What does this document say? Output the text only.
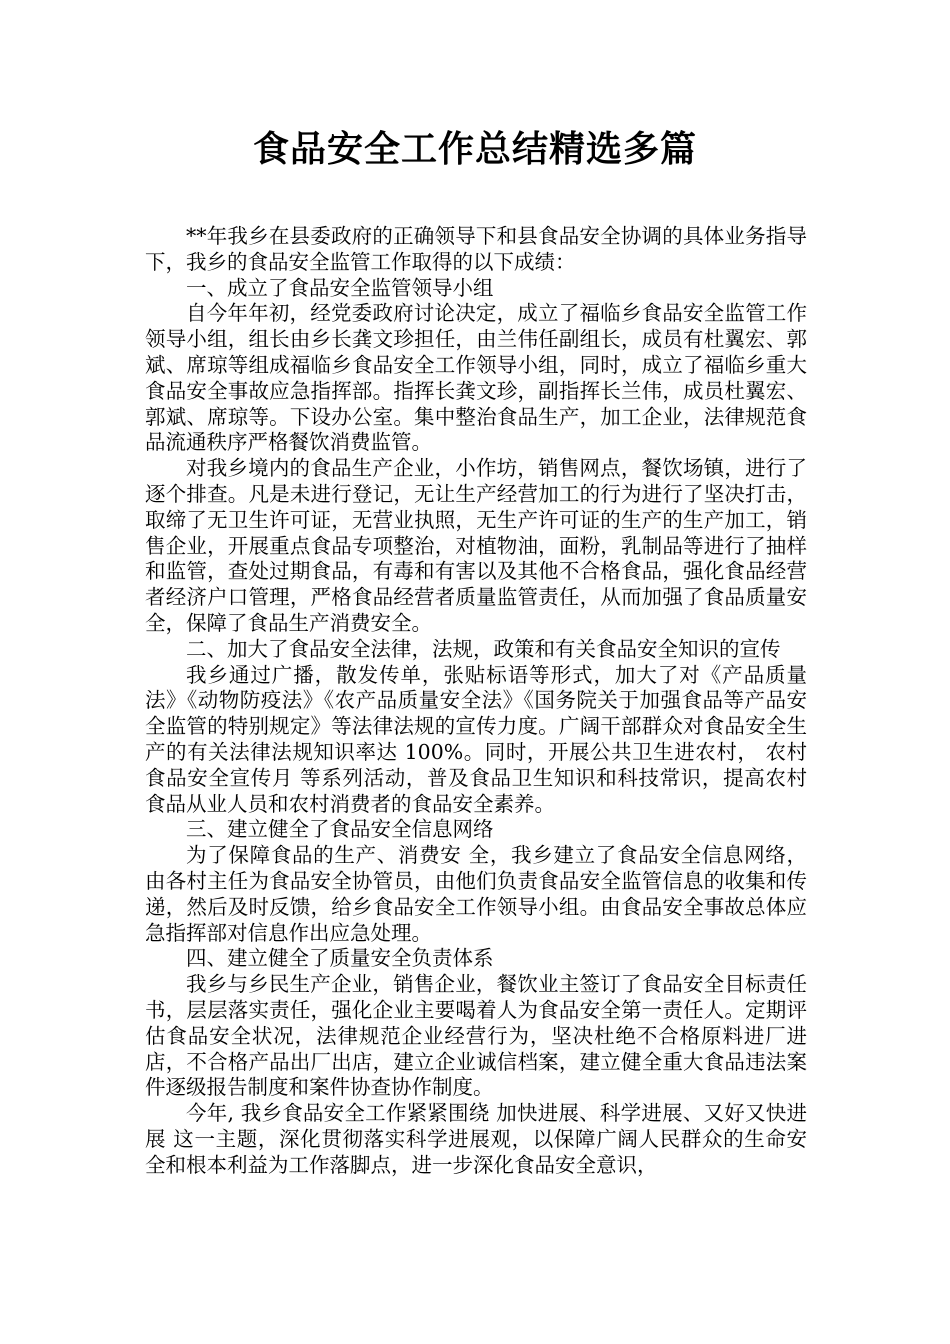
食品安全工作总结精选多篇

**年我乡在县委政府的正确领导下和县食品安全协调的具体业务指导下，我乡的食品安全监管工作取得的以下成绩：

一、成立了食品安全监管领导小组

自今年年初，经党委政府讨论决定，成立了福临乡食品安全监管工作领导小组，组长由乡长龚文珍担任，由兰伟任副组长，成员有杜翼宏、郭斌、席琼等组成福临乡食品安全工作领导小组，同时，成立了福临乡重大食品安全事故应急指挥部。指挥长龚文珍，副指挥长兰伟，成员杜翼宏、郭斌、席琼等。下设办公室。集中整治食品生产，加工企业，法律规范食品流通秩序严格餐饮消费监管。

对我乡境内的食品生产企业，小作坊，销售网点，餐饮场镇，进行了逐个排查。凡是未进行登记，无让生产经营加工的行为进行了坚决打击，取缔了无卫生许可证，无营业执照，无生产许可证的生产的生产加工，销售企业，开展重点食品专项整治，对植物油，面粉，乳制品等进行了抽样和监管，查处过期食品，有毒和有害以及其他不合格食品，强化食品经营者经济户口管理，严格食品经营者质量监管责任，从而加强了食品质量安全，保障了食品生产消费安全。

二、加大了食品安全法律，法规，政策和有关食品安全知识的宣传

我乡通过广播，散发传单，张贴标语等形式，加大了对《产品质量法》《动物防疫法》《农产品质量安全法》《国务院关于加强食品等产品安全监管的特别规定》等法律法规的宣传力度。广阔干部群众对食品安全生产的有关法律法规知识率达 100%。同时，开展公共卫生进农村， 农村食品安全宣传月 等系列活动，普及食品卫生知识和科技常识，提高农村食品从业人员和农村消费者的食品安全素养。

三、建立健全了食品安全信息网络

为了保障食品的生产、消费安 全，我乡建立了食品安全信息网络，由各村主任为食品安全协管员，由他们负责食品安全监管信息的收集和传递，然后及时反馈，给乡食品安全工作领导小组。由食品安全事故总体应急指挥部对信息作出应急处理。

四、建立健全了质量安全负责体系

我乡与乡民生产企业，销售企业，餐饮业主签订了食品安全目标责任书，层层落实责任，强化企业主要喝着人为食品安全第一责任人。定期评估食品安全状况，法律规范企业经营行为，坚决杜绝不合格原料进厂进店，不合格产品出厂出店，建立企业诚信档案，建立健全重大食品违法案件逐级报告制度和案件协查协作制度。

今年, 我乡食品安全工作紧紧围绕 加快进展、科学进展、又好又快进展 这一主题，深化贯彻落实科学进展观，以保障广阔人民群众的生命安全和根本利益为工作落脚点，进一步深化食品安全意识，
